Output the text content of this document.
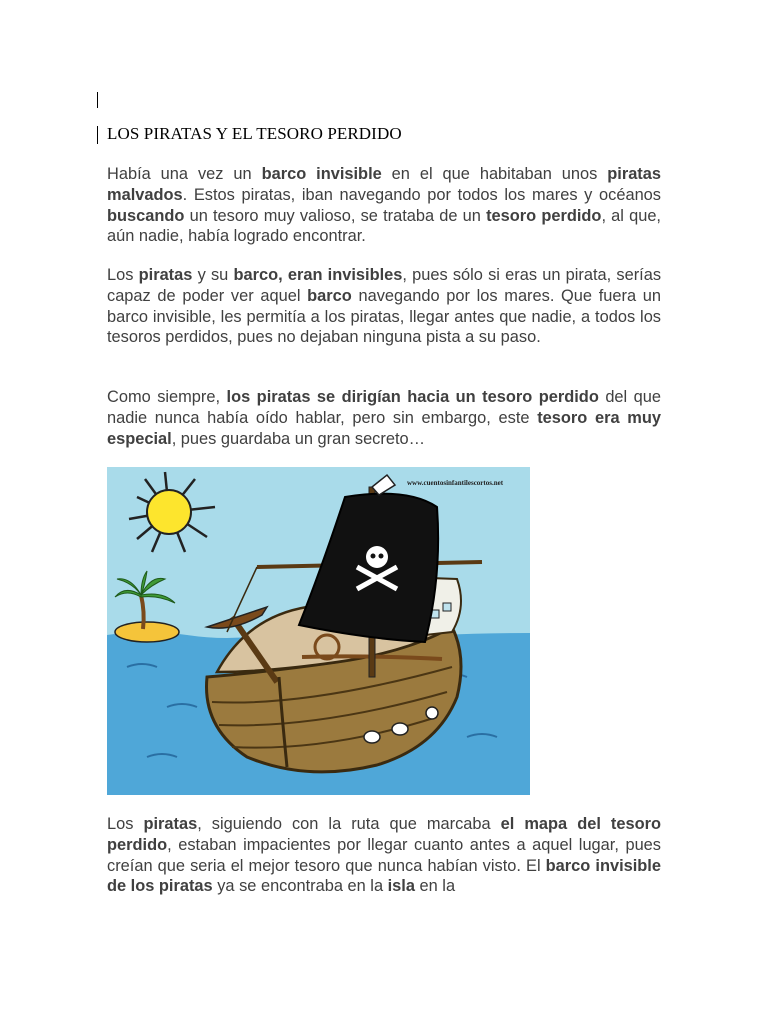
LOS PIRATAS Y EL TESORO PERDIDO

Había una vez un barco invisible en el que habitaban unos piratas malvados. Estos piratas, iban navegando por todos los mares y océanos buscando un tesoro muy valioso, se trataba de un tesoro perdido, al que, aún nadie, había logrado encontrar.

Los piratas y su barco, eran invisibles, pues sólo si eras un pirata, serías capaz de poder ver aquel barco navegando por los mares. Que fuera un barco invisible, les permitía a los piratas, llegar antes que nadie, a todos los tesoros perdidos, pues no dejaban ninguna pista a su paso.

Como siempre, los piratas se dirigían hacia un tesoro perdido del que nadie nunca había oído hablar, pero sin embargo, este tesoro era muy especial, pues guardaba un gran secreto…

www.cuentosinfantilescortos.net

Los piratas, siguiendo con la ruta que marcaba el mapa del tesoro perdido, estaban impacientes por llegar cuanto antes a aquel lugar, pues creían que seria el mejor tesoro que nunca habían visto. El barco invisible de los piratas ya se encontraba en la isla en la
